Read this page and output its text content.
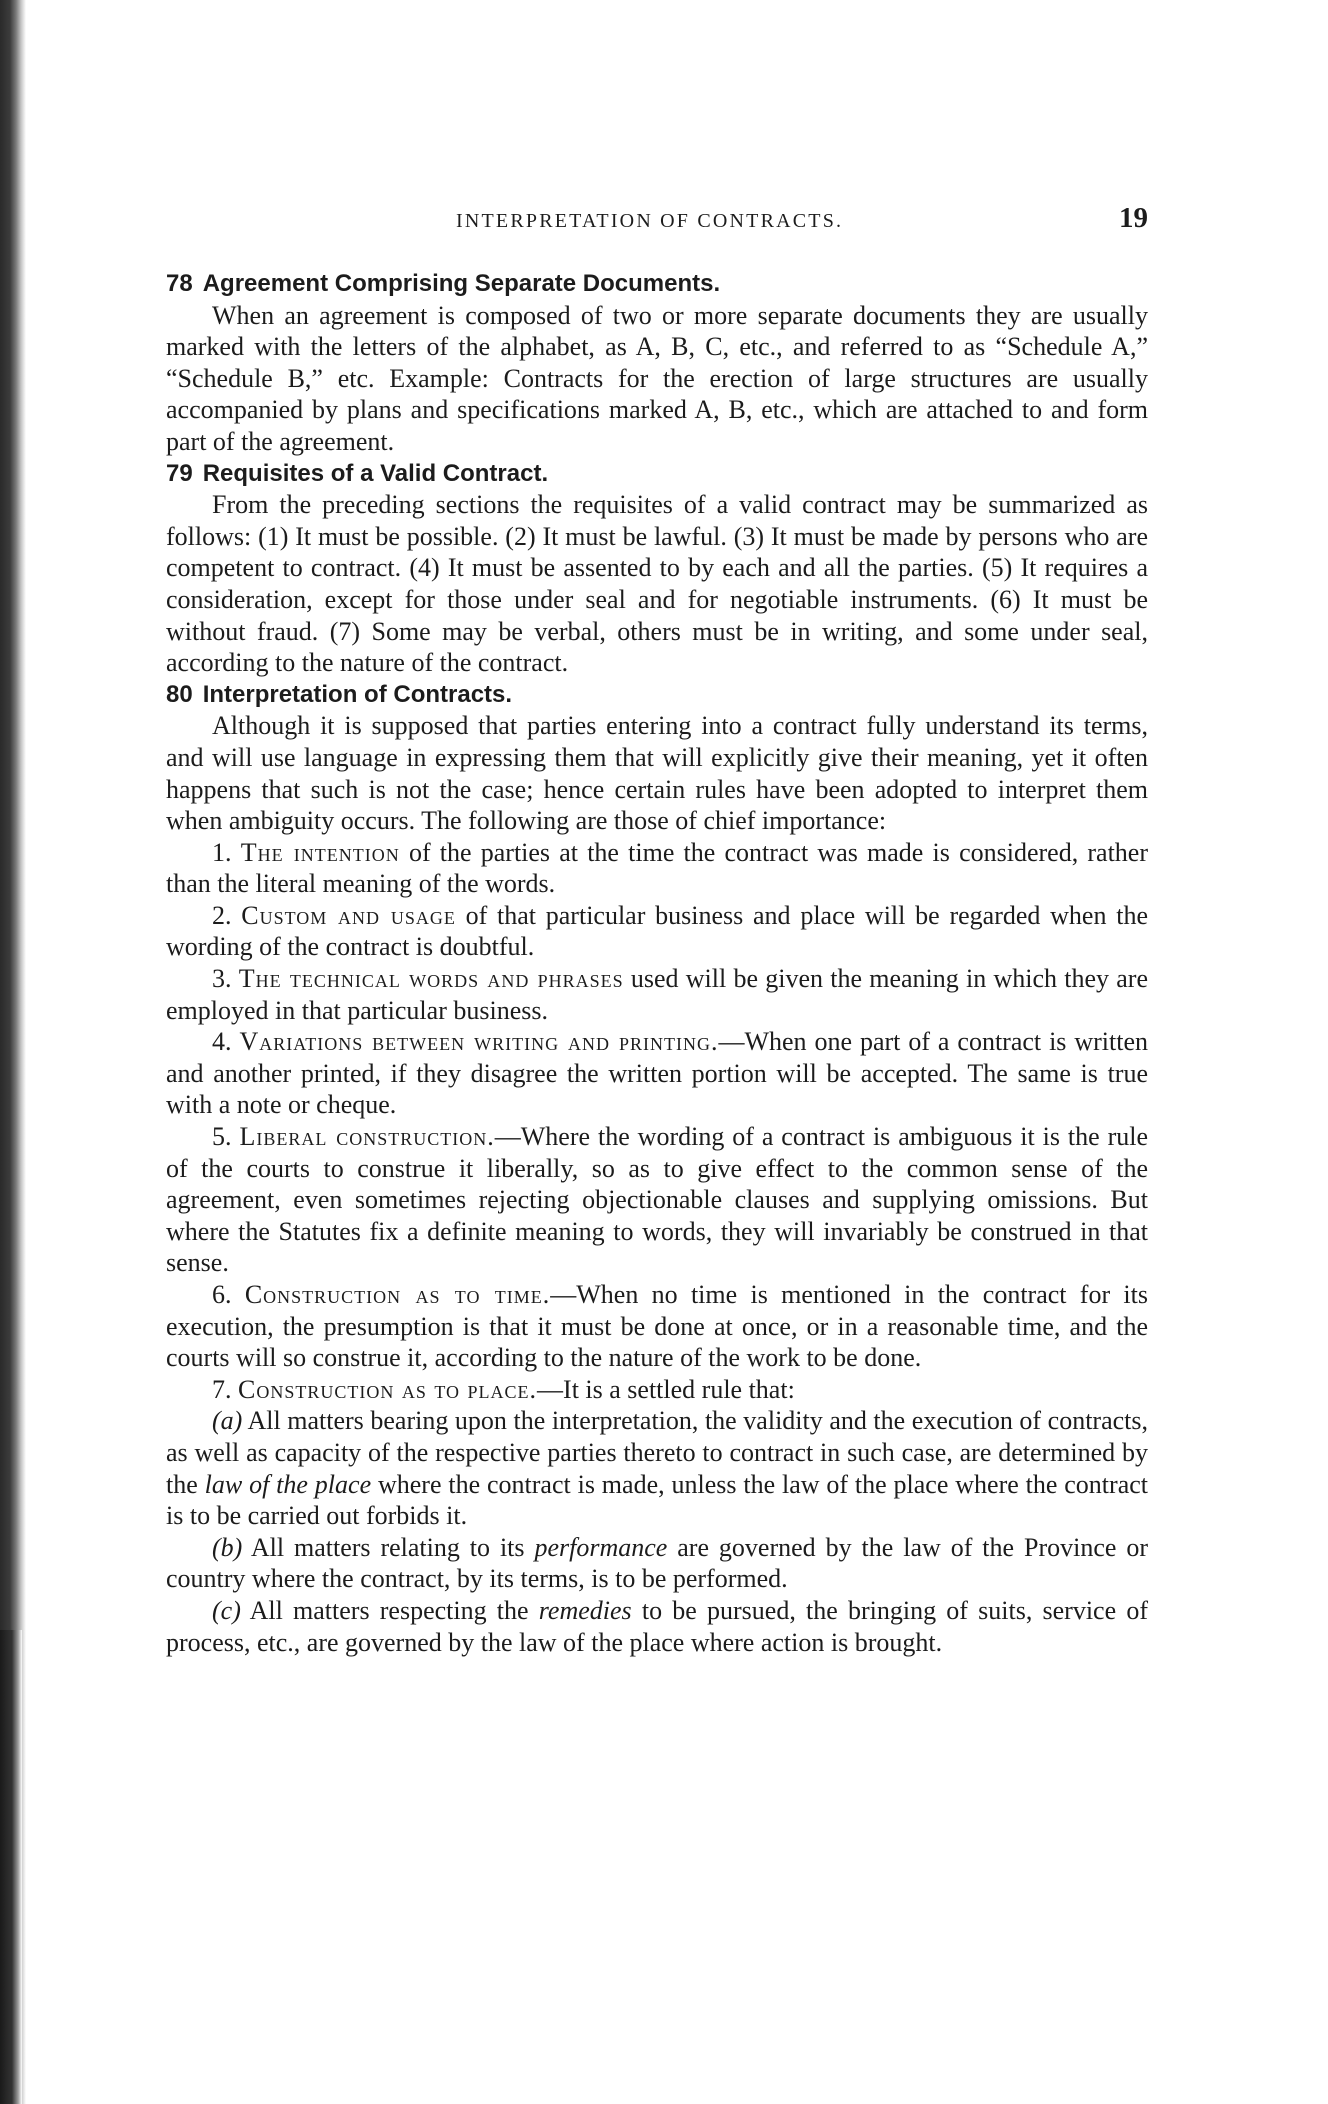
INTERPRETATION OF CONTRACTS.	19
78 Agreement Comprising Separate Documents.

When an agreement is composed of two or more separate documents they are usually marked with the letters of the alphabet, as A, B, C, etc., and referred to as “Schedule A,” “Schedule B,” etc. Example: Contracts for the erection of large structures are usually accompanied by plans and specifications marked A, B, etc., which are attached to and form part of the agreement.

79 Requisites of a Valid Contract.

From the preceding sections the requisites of a valid contract may be summarized as follows: (1) It must be possible. (2) It must be lawful. (3) It must be made by persons who are competent to contract. (4) It must be assented to by each and all the parties. (5) It requires a consideration, except for those under seal and for negotiable instruments. (6) It must be without fraud. (7) Some may be verbal, others must be in writing, and some under seal, according to the nature of the contract.

80 Interpretation of Contracts.

Although it is supposed that parties entering into a contract fully understand its terms, and will use language in expressing them that will explicitly give their meaning, yet it often happens that such is not the case; hence certain rules have been adopted to interpret them when ambiguity occurs. The following are those of chief importance:

1. The intention of the parties at the time the contract was made is considered, rather than the literal meaning of the words.

2. Custom and usage of that particular business and place will be regarded when the wording of the contract is doubtful.

3. The technical words and phrases used will be given the meaning in which they are employed in that particular business.

4. Variations between writing and printing.—When one part of a contract is written and another printed, if they disagree the written portion will be accepted. The same is true with a note or cheque.

5. Liberal construction.—Where the wording of a contract is ambiguous it is the rule of the courts to construe it liberally, so as to give effect to the common sense of the agreement, even sometimes rejecting objectionable clauses and supplying omissions. But where the Statutes fix a definite meaning to words, they will invariably be construed in that sense.

6. Construction as to time.—When no time is mentioned in the contract for its execution, the presumption is that it must be done at once, or in a reasonable time, and the courts will so construe it, according to the nature of the work to be done.

7. Construction as to place.—It is a settled rule that:

(a) All matters bearing upon the interpretation, the validity and the execution of contracts, as well as capacity of the respective parties thereto to contract in such case, are determined by the law of the place where the contract is made, unless the law of the place where the contract is to be carried out forbids it.

(b) All matters relating to its performance are governed by the law of the Province or country where the contract, by its terms, is to be performed.

(c) All matters respecting the remedies to be pursued, the bringing of suits, service of process, etc., are governed by the law of the place where action is brought.
